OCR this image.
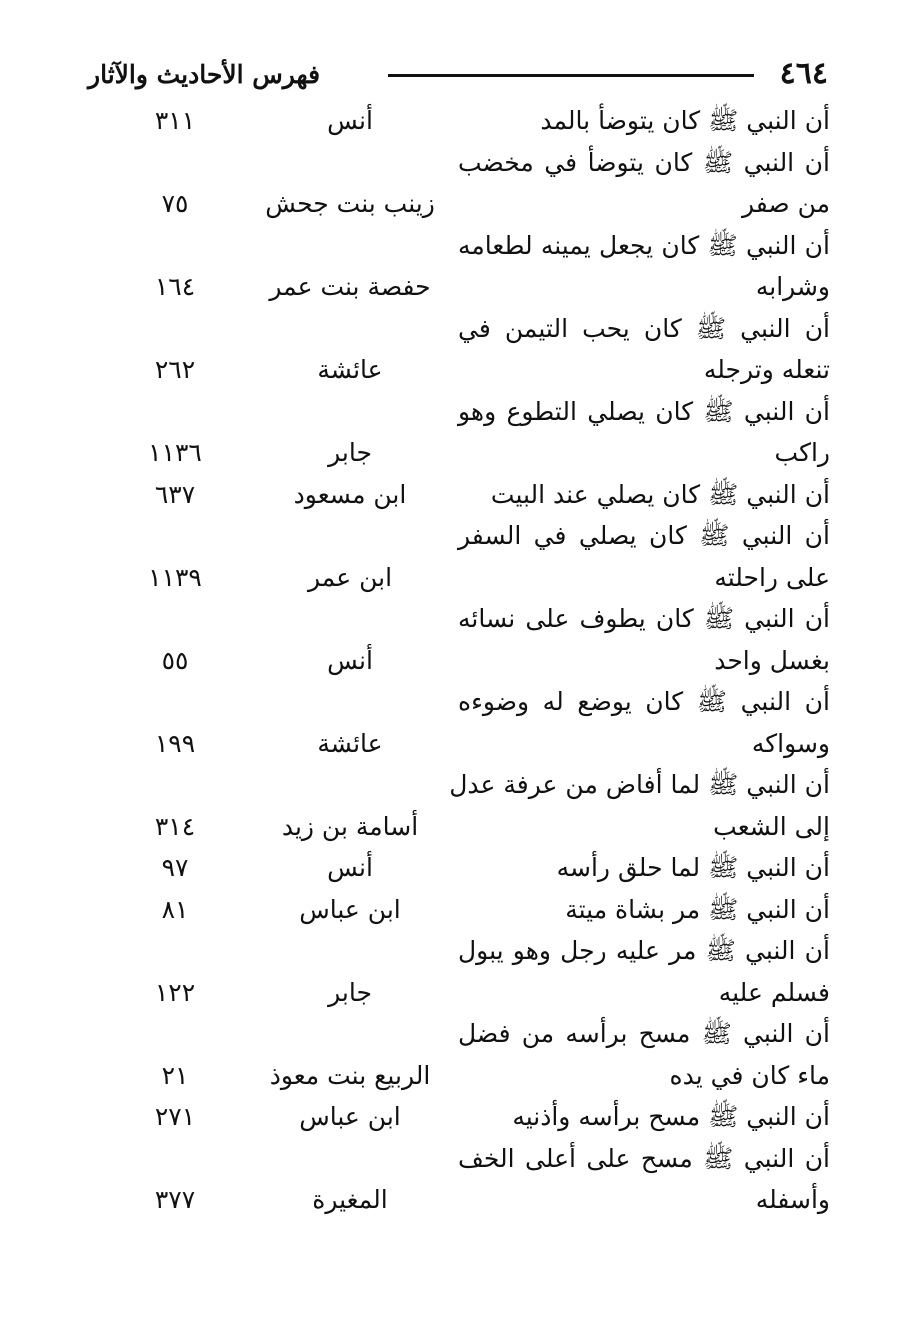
٤٦٤
فهرس الأحاديث والآثار
أن النبي ﷺ كان يتوضأ بالمد
أنس
٣١١
أن النبي ﷺ كان يتوضأ في مخضب
من صفر
زينب بنت جحش
٧٥
أن النبي ﷺ كان يجعل يمينه لطعامه
وشرابه
حفصة بنت عمر
١٦٤
أن النبي ﷺ كان يحب التيمن في
تنعله وترجله
عائشة
٢٦٢
أن النبي ﷺ كان يصلي التطوع وهو
راكب
جابر
١١٣٦
أن النبي ﷺ كان يصلي عند البيت
ابن مسعود
٦٣٧
أن النبي ﷺ كان يصلي في السفر
على راحلته
ابن عمر
١١٣٩
أن النبي ﷺ كان يطوف على نسائه
بغسل واحد
أنس
٥٥
أن النبي ﷺ كان يوضع له وضوءه
وسواكه
عائشة
١٩٩
أن النبي ﷺ لما أفاض من عرفة عدل
إلى الشعب
أسامة بن زيد
٣١٤
أن النبي ﷺ لما حلق رأسه
أنس
٩٧
أن النبي ﷺ مر بشاة ميتة
ابن عباس
٨١
أن النبي ﷺ مر عليه رجل وهو يبول
فسلم عليه
جابر
١٢٢
أن النبي ﷺ مسح برأسه من فضل
ماء كان في يده
الربيع بنت معوذ
٢١
أن النبي ﷺ مسح برأسه وأذنيه
ابن عباس
٢٧١
أن النبي ﷺ مسح على أعلى الخف
وأسفله
المغيرة
٣٧٧
